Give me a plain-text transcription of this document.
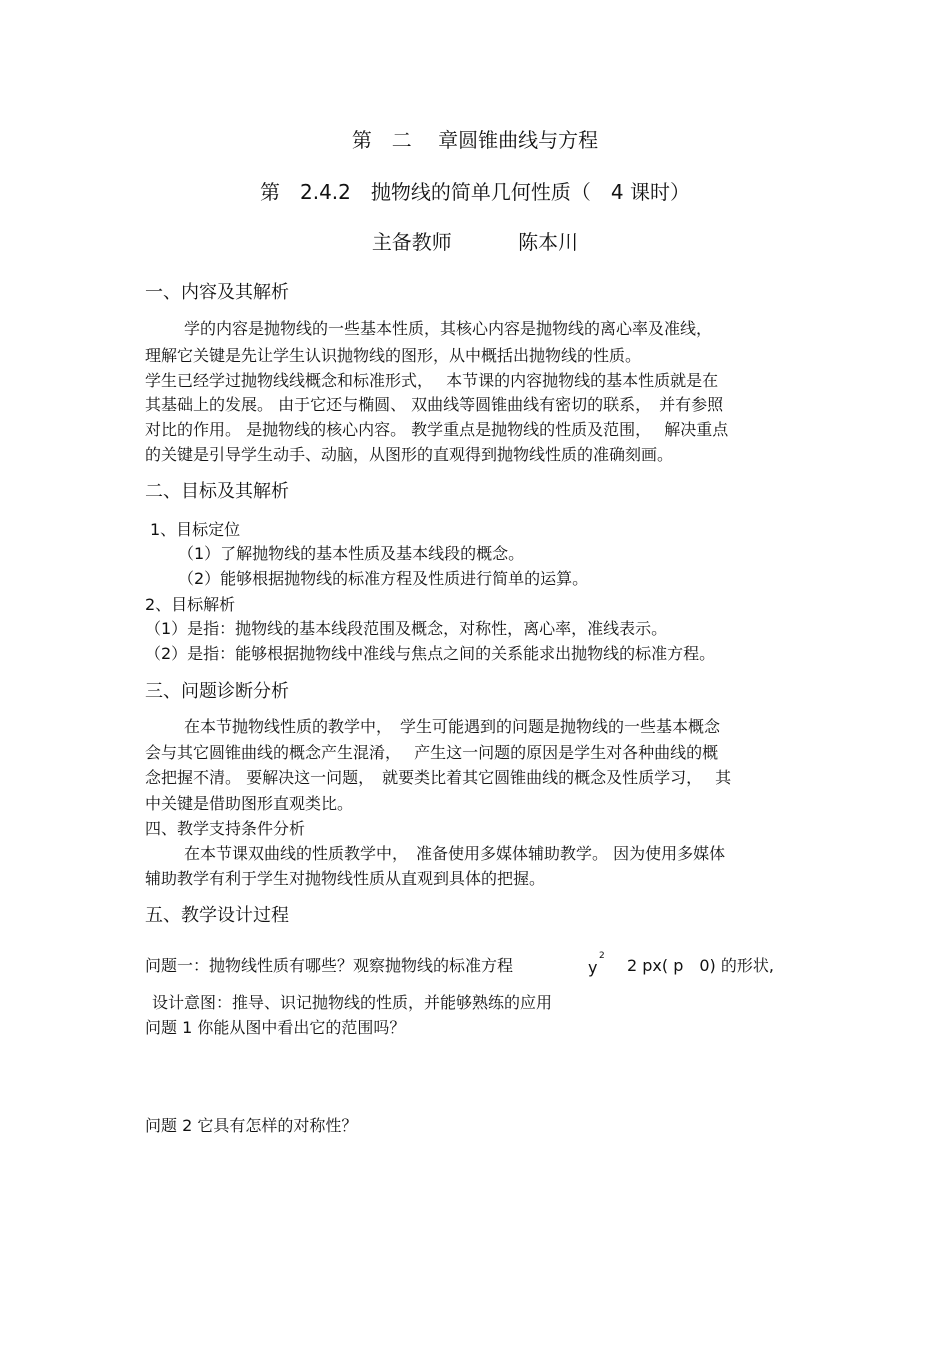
第　二　 章圆锥曲线与方程
第　2.4.2　抛物线的简单几何性质（　4 课时）
主备教师　　　 陈本川
一、内容及其解析
学的内容是抛物线的一些基本性质，其核心内容是抛物线的离心率及准线，
理解它关键是先让学生认识抛物线的图形，从中概括出抛物线的性质。
学生已经学过抛物线线概念和标准形式，　 本节课的内容抛物线的基本性质就是在
其基础上的发展。 由于它还与椭圆、 双曲线等圆锥曲线有密切的联系，　并有参照
对比的作用。 是抛物线的核心内容。 教学重点是抛物线的性质及范围，　 解决重点
的关键是引导学生动手、动脑，从图形的直观得到抛物线性质的准确刻画。
二、目标及其解析
1、目标定位
（1）了解抛物线的基本性质及基本线段的概念。
（2）能够根据抛物线的标准方程及性质进行简单的运算。
2、目标解析
（1）是指：抛物线的基本线段范围及概念，对称性，离心率，准线表示。
（2）是指：能够根据抛物线中准线与焦点之间的关系能求出抛物线的标准方程。
三、问题诊断分析
在本节抛物线性质的教学中，　学生可能遇到的问题是抛物线的一些基本概念
会与其它圆锥曲线的概念产生混淆，　 产生这一问题的原因是学生对各种曲线的概
念把握不清。 要解决这一问题，　就要类比着其它圆锥曲线的概念及性质学习，　 其
中关键是借助图形直观类比。
四、教学支持条件分析
在本节课双曲线的性质教学中，　准备使用多媒体辅助教学。 因为使用多媒体
辅助教学有利于学生对抛物线性质从直观到具体的把握。
五、教学设计过程
问题一：抛物线性质有哪些？观察抛物线的标准方程	y
2 2 px( p　0) 的形状,
设计意图：推导、识记抛物线的性质，并能够熟练的应用
问题 1 你能从图中看出它的范围吗？
问题 2 它具有怎样的对称性？
